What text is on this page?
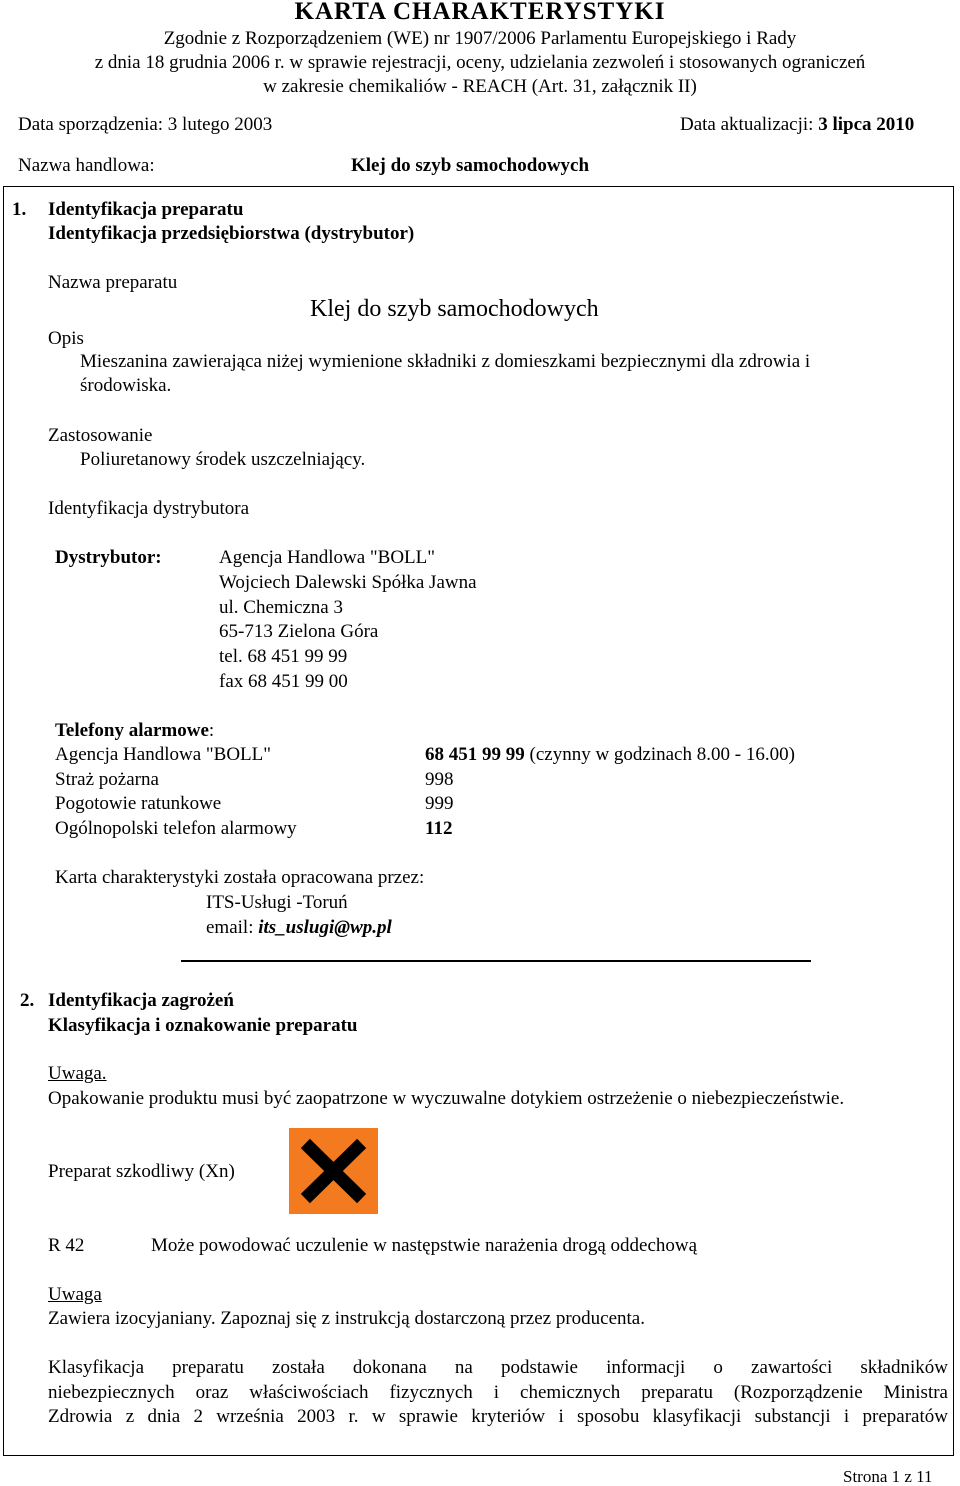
KARTA CHARAKTERYSTYKI
Zgodnie z Rozporządzeniem (WE) nr 1907/2006 Parlamentu Europejskiego i Rady
z dnia 18 grudnia 2006 r. w sprawie rejestracji, oceny, udzielania zezwoleń i stosowanych ograniczeń
w zakresie chemikaliów - REACH (Art. 31, załącznik II)
Data sporządzenia: 3 lutego 2003	Data aktualizacji: 3 lipca 2010
Nazwa handlowa:	Klej do szyb samochodowych
1. Identyfikacja preparatu
Identyfikacja przedsiębiorstwa (dystrybutor)
Nazwa preparatu
Klej do szyb samochodowych
Opis
Mieszanina zawierająca niżej wymienione składniki z domieszkami bezpiecznymi dla zdrowia i
środowiska.
Zastosowanie
Poliuretanowy środek uszczelniający.
Identyfikacja dystrybutora
Dystrybutor:	Agencja Handlowa "BOLL"
Wojciech Dalewski Spółka Jawna
ul. Chemiczna 3
65-713 Zielona Góra
tel. 68 451 99 99
fax 68 451 99 00
Telefony alarmowe:
Agencja Handlowa "BOLL"	68 451 99 99 (czynny w godzinach 8.00 - 16.00)
Straż pożarna	998
Pogotowie ratunkowe	999
Ogólnopolski telefon alarmowy	112
Karta charakterystyki została opracowana przez:
ITS-Usługi -Toruń
email: its_uslugi@wp.pl
2. Identyfikacja zagrożeń
Klasyfikacja i oznakowanie preparatu
Uwaga.
Opakowanie produktu musi być zaopatrzone w wyczuwalne dotykiem ostrzeżenie o niebezpieczeństwie.
Preparat szkodliwy (Xn)
R 42	Może powodować uczulenie w następstwie narażenia drogą oddechową
Uwaga
Zawiera izocyjaniany. Zapoznaj się z instrukcją dostarczoną przez producenta.
Klasyfikacja preparatu została dokonana na podstawie informacji o zawartości składników
niebezpiecznych oraz właściwościach fizycznych i chemicznych preparatu (Rozporządzenie Ministra
Zdrowia z dnia 2 września 2003 r. w sprawie kryteriów i sposobu klasyfikacji substancji i preparatów
Strona 1 z 11
